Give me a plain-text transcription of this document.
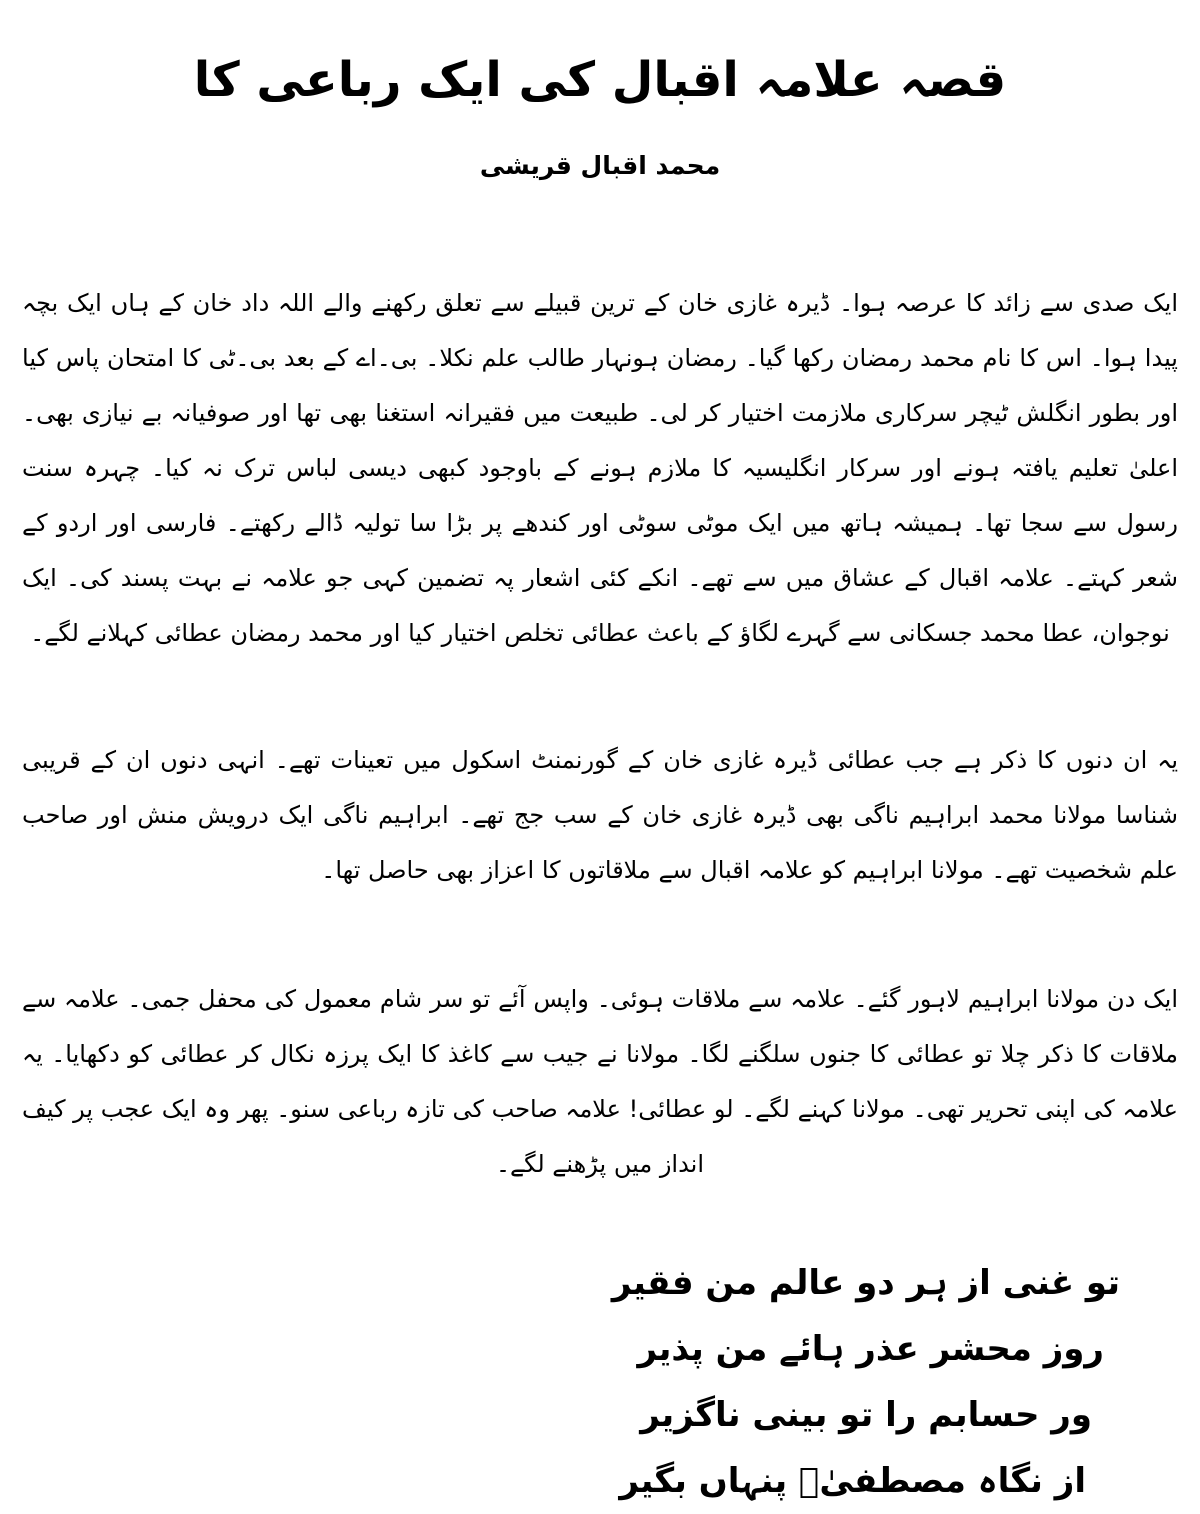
قصہ علامہ اقبال کی ایک رباعی کا
محمد اقبال قریشی

ایک صدی سے زائد کا عرصہ ہوا۔ ڈیرہ غازی خان کے ترین قبیلے سے تعلق رکھنے والے اللہ داد خان کے ہاں ایک بچہ پیدا ہوا۔ اس کا نام محمد رمضان رکھا گیا۔ رمضان ہونہار طالب علم نکلا۔ بی۔اے کے بعد بی۔ٹی کا امتحان پاس کیا اور بطور انگلش ٹیچر سرکاری ملازمت اختیار کر لی۔ طبیعت میں فقیرانہ استغنا بھی تھا اور صوفیانہ بے نیازی بھی۔ اعلیٰ تعلیم یافتہ ہونے اور سرکار انگلیسیہ کا ملازم ہونے کے باوجود کبھی دیسی لباس ترک نہ کیا۔ چہرہ سنت رسول سے سجا تھا۔ ہمیشہ ہاتھ میں ایک موٹی سوٹی اور کندھے پر بڑا سا تولیہ ڈالے رکھتے۔ فارسی اور اردو کے شعر کہتے۔ علامہ اقبال کے عشاق میں سے تھے۔ انکے کئی اشعار پہ تضمین کہی جو علامہ نے بہت پسند کی۔ ایک نوجوان، عطا محمد جسکانی سے گہرے لگاؤ کے باعث عطائی تخلص اختیار کیا اور محمد رمضان عطائی کہلانے لگے۔

یہ ان دنوں کا ذکر ہے جب عطائی ڈیرہ غازی خان کے گورنمنٹ اسکول میں تعینات تھے۔ انہی دنوں ان کے قریبی شناسا مولانا محمد ابراہیم ناگی بھی ڈیرہ غازی خان کے سب جج تھے۔ ابراہیم ناگی ایک درویش منش اور صاحب علم شخصیت تھے۔ مولانا ابراہیم کو علامہ اقبال سے ملاقاتوں کا اعزاز بھی حاصل تھا۔

ایک دن مولانا ابراہیم لاہور گئے۔ علامہ سے ملاقات ہوئی۔ واپس آئے تو سر شام معمول کی محفل جمی۔ علامہ سے ملاقات کا ذکر چلا تو عطائی کا جنوں سلگنے لگا۔ مولانا نے جیب سے کاغذ کا ایک پرزہ نکال کر عطائی کو دکھایا۔ یہ علامہ کی اپنی تحریر تھی۔ مولانا کہنے لگے۔ لو عطائی! علامہ صاحب کی تازہ رباعی سنو۔ پھر وہ ایک عجب پر کیف انداز میں پڑھنے لگے۔

تو غنی از ہر دو عالم من فقیر
روز محشر عذر ہائے من پذیر
ور حسابم را تو بینی ناگزیر
از نگاہ مصطفیٰؐ پنہاں بگیر
